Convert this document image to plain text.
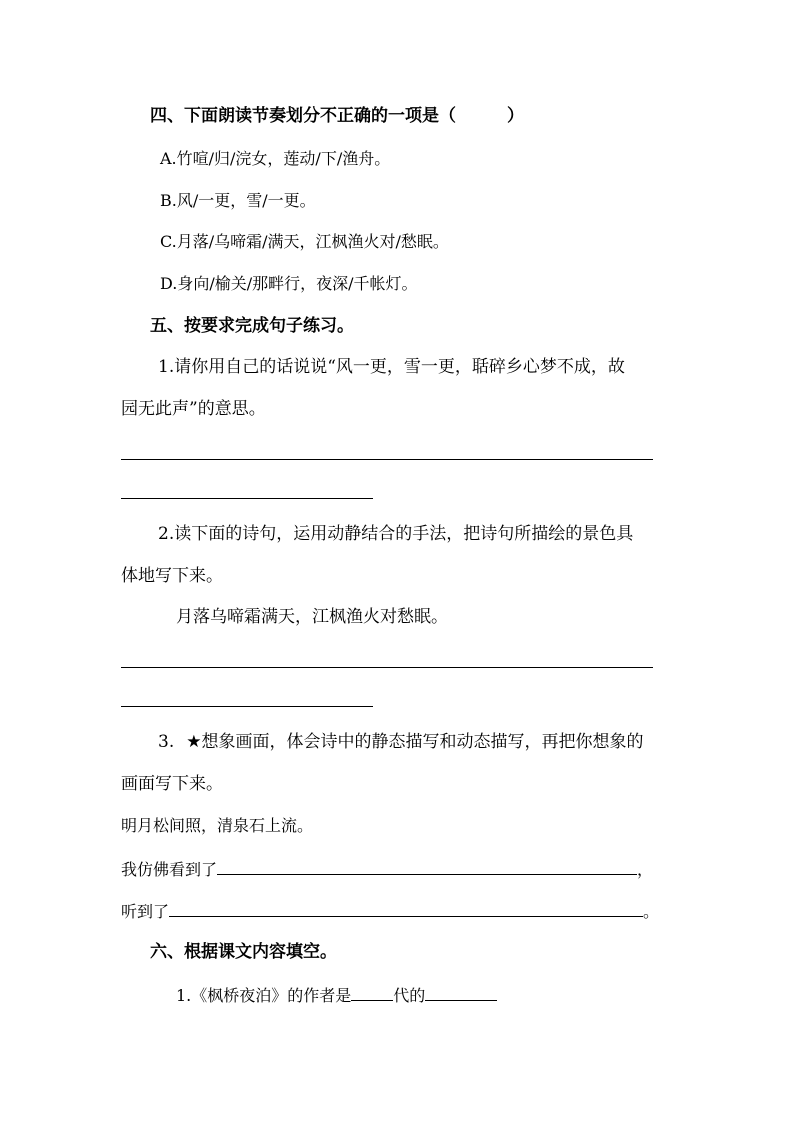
四、下面朗读节奏划分不正确的一项是（　　　）
A.竹喧/归/浣女，莲动/下/渔舟。
B.风/一更，雪/一更。
C.月落/乌啼霜/满天，江枫渔火对/愁眠。
D.身向/榆关/那畔行，夜深/千帐灯。
五、按要求完成句子练习。
1.请你用自己的话说说“风一更，雪一更，聒碎乡心梦不成，故
园无此声”的意思。
2.读下面的诗句，运用动静结合的手法，把诗句所描绘的景色具
体地写下来。
月落乌啼霜满天，江枫渔火对愁眠。
3. ★想象画面，体会诗中的静态描写和动态描写，再把你想象的
画面写下来。
明月松间照，清泉石上流。
我仿佛看到了	，
听到了	。
六、根据课文内容填空。
1.《枫桥夜泊》的作者是	代的
